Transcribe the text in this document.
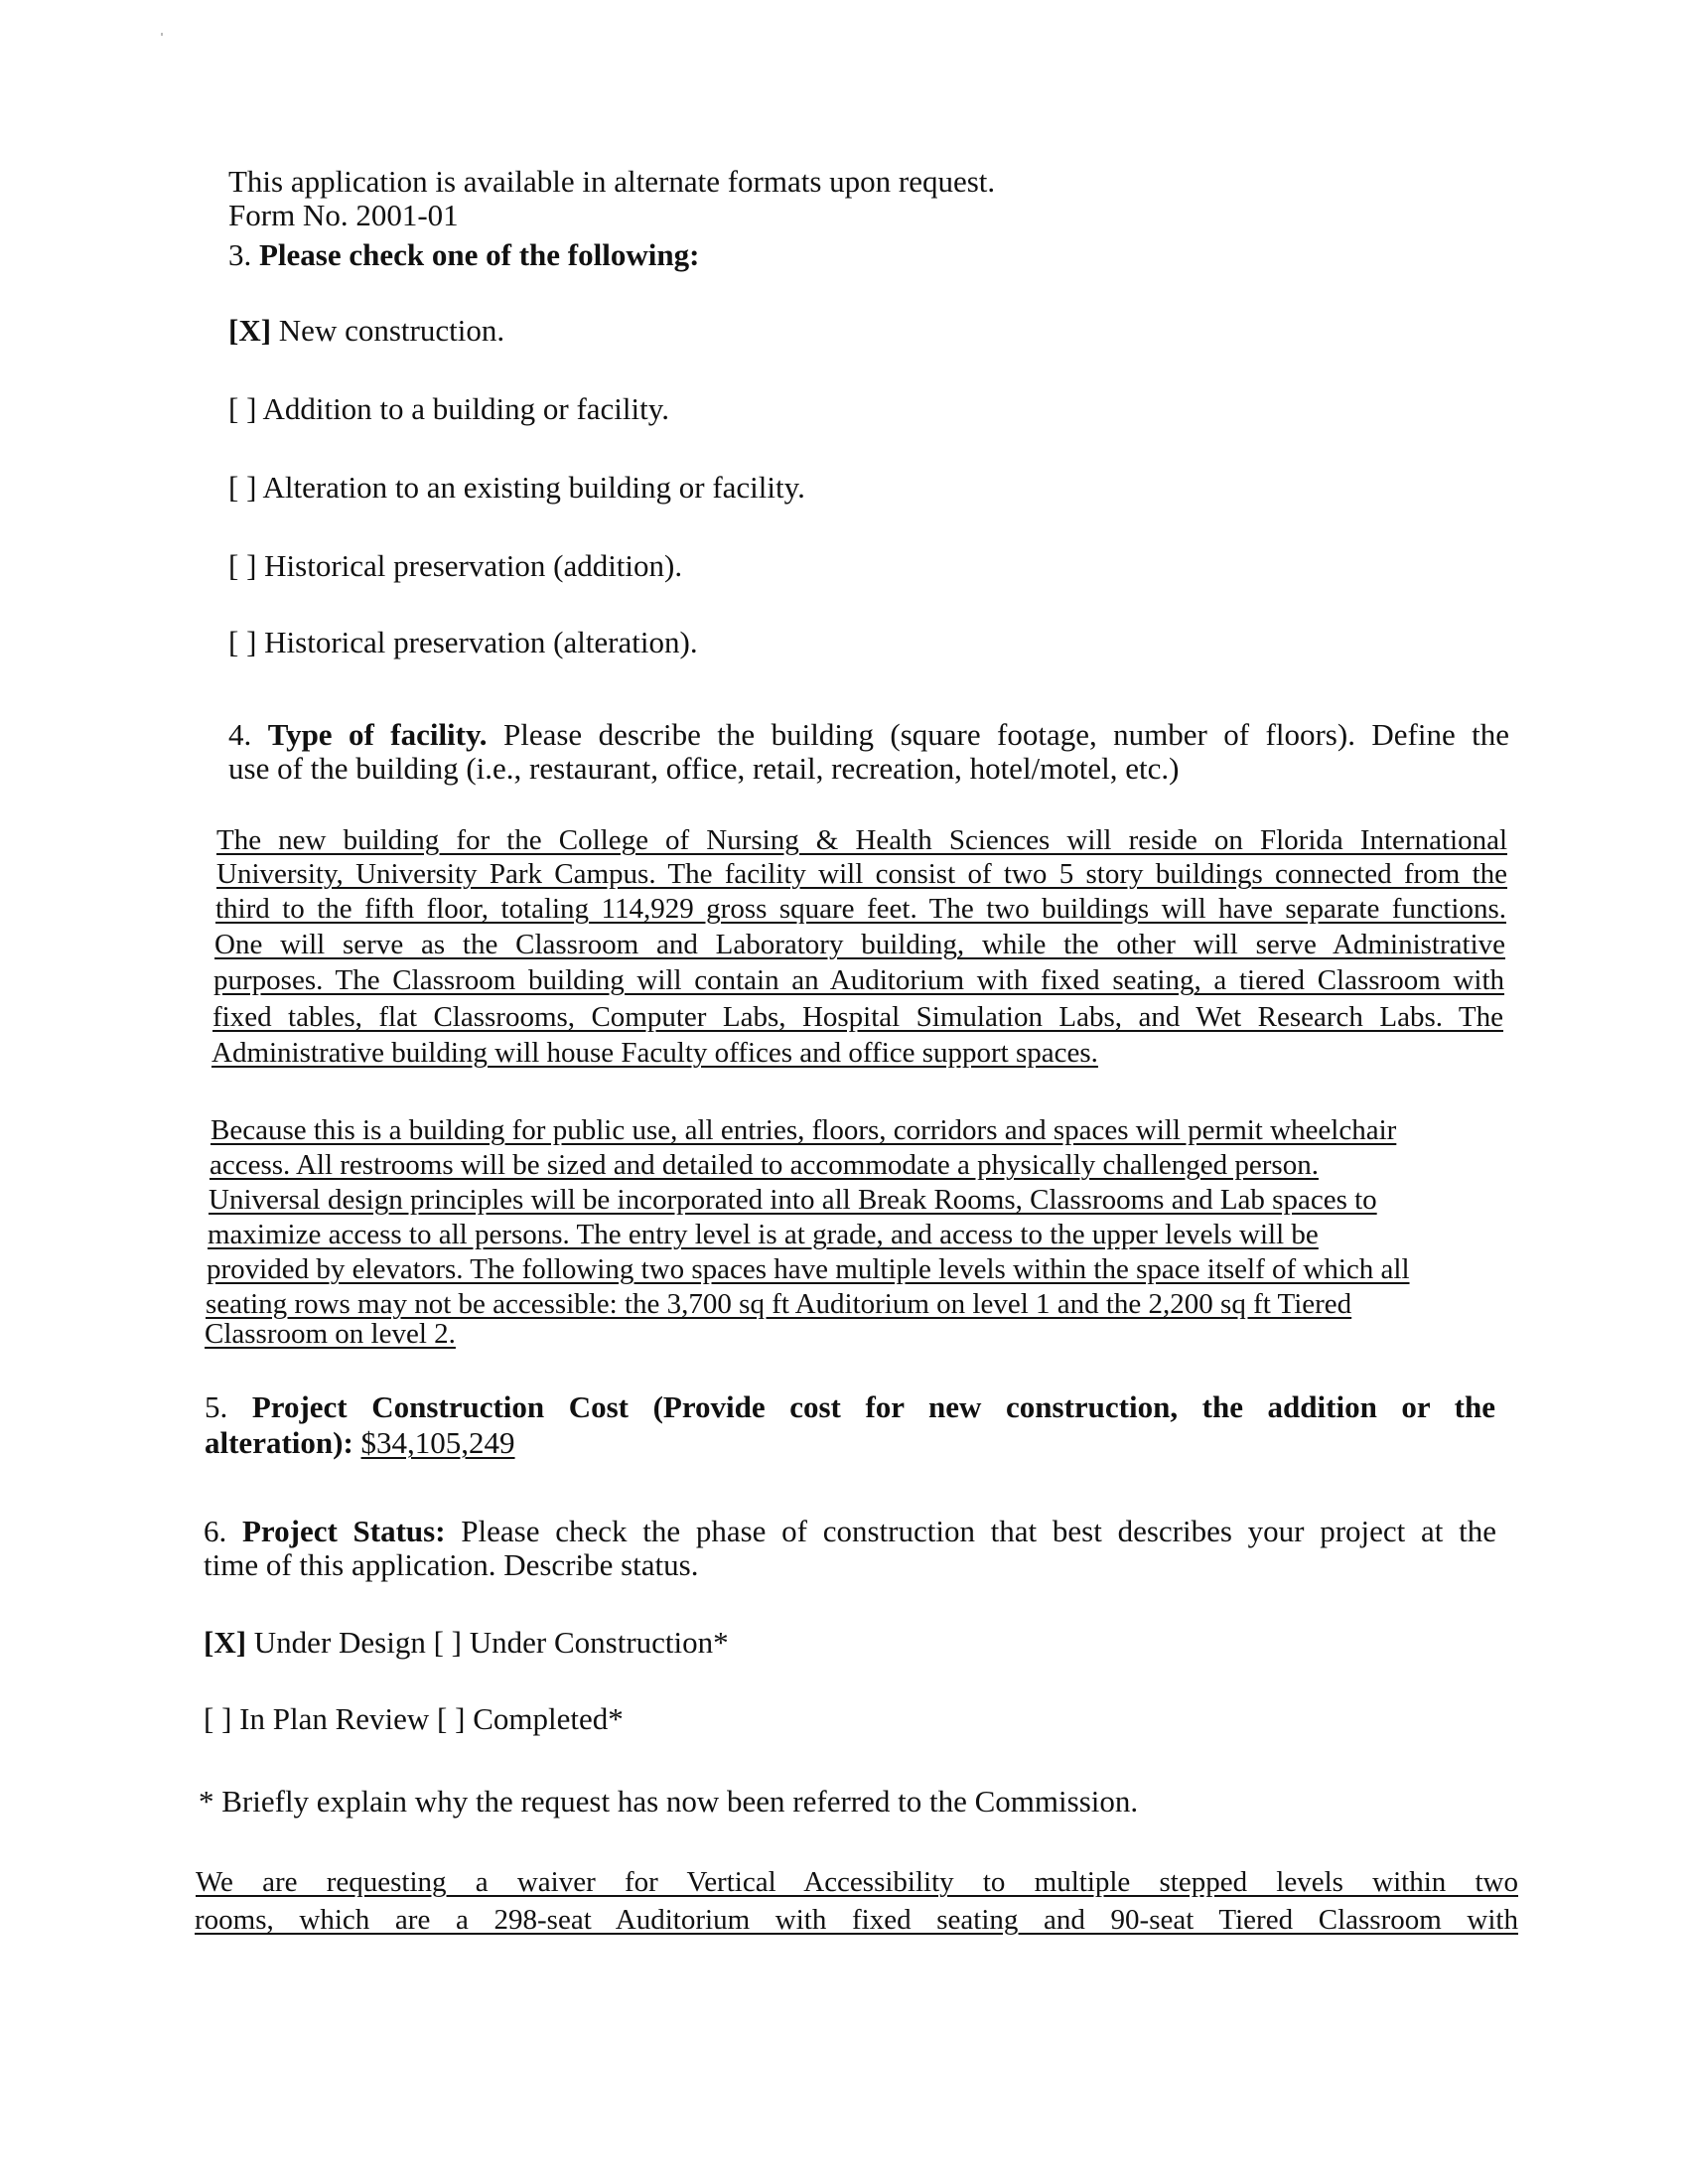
This application is available in alternate formats upon request.
Form No. 2001-01
3. Please check one of the following:
[X] New construction.
[ ] Addition to a building or facility.
[ ] Alteration to an existing building or facility.
[ ] Historical preservation (addition).
[ ] Historical preservation (alteration).
4. Type of facility. Please describe the building (square footage, number of floors). Define the
use of the building (i.e., restaurant, office, retail, recreation, hotel/motel, etc.)
The new building for the College of Nursing & Health Sciences will reside on Florida International
University, University Park Campus. The facility will consist of two 5 story buildings connected from the
third to the fifth floor, totaling 114,929 gross square feet. The two buildings will have separate functions.
One will serve as the Classroom and Laboratory building, while the other will serve Administrative
purposes. The Classroom building will contain an Auditorium with fixed seating, a tiered Classroom with
fixed tables, flat Classrooms, Computer Labs, Hospital Simulation Labs, and Wet Research Labs. The
Administrative building will house Faculty offices and office support spaces.
Because this is a building for public use, all entries, floors, corridors and spaces will permit wheelchair
access. All restrooms will be sized and detailed to accommodate a physically challenged person.
Universal design principles will be incorporated into all Break Rooms, Classrooms and Lab spaces to
maximize access to all persons. The entry level is at grade, and access to the upper levels will be
provided by elevators. The following two spaces have multiple levels within the space itself of which all
seating rows may not be accessible: the 3,700 sq ft Auditorium on level 1 and the 2,200 sq ft Tiered
Classroom on level 2.
5. Project Construction Cost (Provide cost for new construction, the addition or the
alteration): $34,105,249
6. Project Status: Please check the phase of construction that best describes your project at the
time of this application. Describe status.
[X] Under Design [ ] Under Construction*
[ ] In Plan Review [ ] Completed*
* Briefly explain why the request has now been referred to the Commission.
We are requesting a waiver for Vertical Accessibility to multiple stepped levels within two
rooms, which are a 298-seat Auditorium with fixed seating and 90-seat Tiered Classroom with
